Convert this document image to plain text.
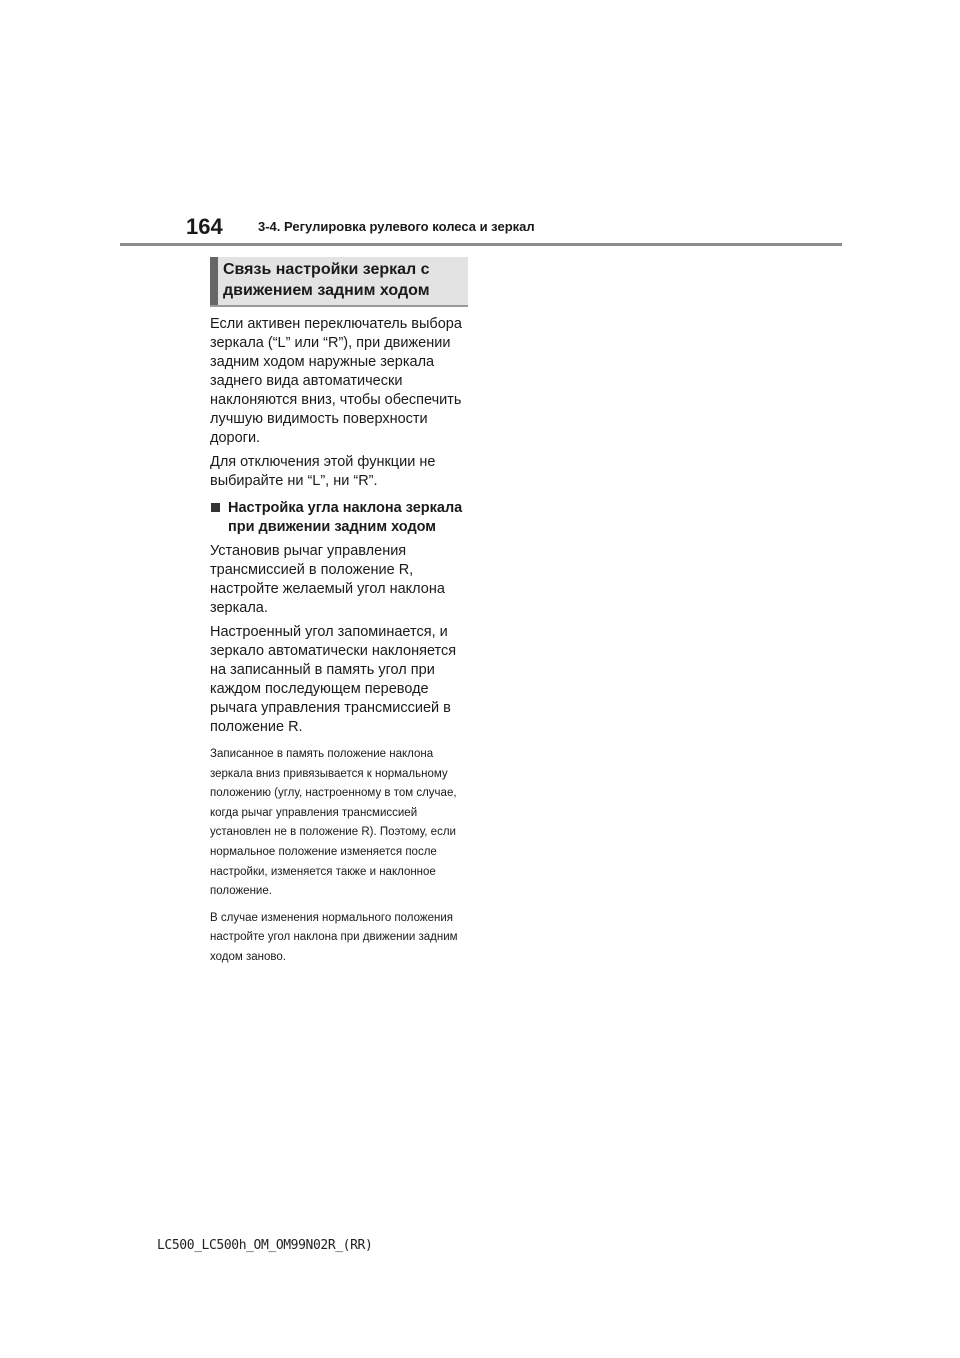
164	3-4. Регулировка рулевого колеса и зеркал
Связь настройки зеркал с движением задним ходом

Если активен переключатель выбора зеркала (“L” или “R”), при движении задним ходом наружные зеркала заднего вида автоматически наклоняются вниз, чтобы обеспечить лучшую видимость поверхности дороги.

Для отключения этой функции не выбирайте ни “L”, ни “R”.

Настройка угла наклона зеркала при движении задним ходом

Установив рычаг управления трансмиссией в положение R, настройте желаемый угол наклона зеркала.

Настроенный угол запоминается, и зеркало автоматически наклоняется на записанный в память угол при каждом последующем переводе рычага управления трансмиссией в положение R.

Записанное в память положение наклона зеркала вниз привязывается к нормальному положению (углу, настроенному в том случае, когда рычаг управления трансмиссией установлен не в положение R). Поэтому, если нормальное положение изменяется после настройки, изменяется также и наклонное положение.

В случае изменения нормального положения настройте угол наклона при движении задним ходом заново.

LC500_LC500h_OM_OM99N02R_(RR)
